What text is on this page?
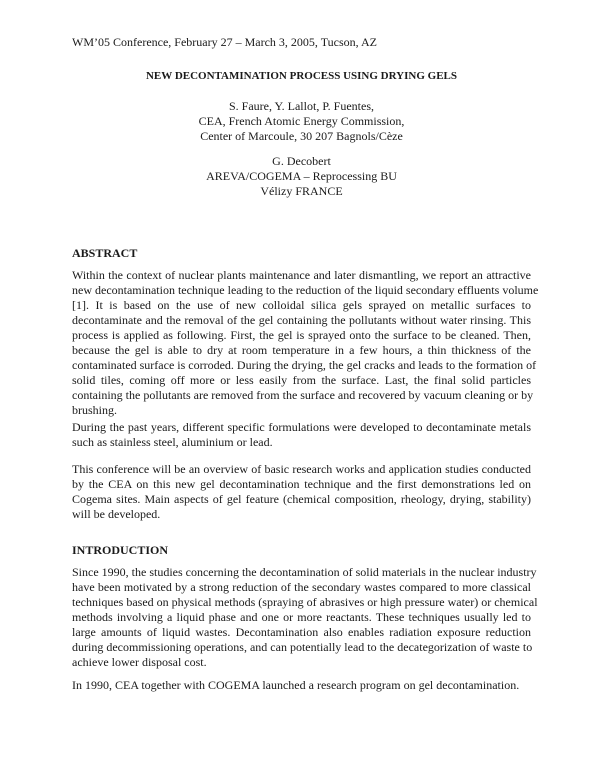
WM’05 Conference, February 27 – March 3, 2005, Tucson, AZ
NEW DECONTAMINATION PROCESS USING DRYING GELS
S. Faure, Y. Lallot, P. Fuentes,
CEA, French Atomic Energy Commission,
Center of Marcoule, 30 207 Bagnols/Cèze
G. Decobert
AREVA/COGEMA – Reprocessing BU
Vélizy FRANCE
ABSTRACT
Within the context of nuclear plants maintenance and later dismantling, we report an attractive
new decontamination technique leading to the reduction of the liquid secondary effluents volume
[1]. It is based on the use of new colloidal silica gels sprayed on metallic surfaces to
decontaminate and the removal of the gel containing the pollutants without water rinsing. This
process is applied as following. First, the gel is sprayed onto the surface to be cleaned. Then,
because the gel is able to dry at room temperature in a few hours, a thin thickness of the
contaminated surface is corroded. During the drying, the gel cracks and leads to the formation of
solid tiles, coming off more or less easily from the surface. Last, the final solid particles
containing the pollutants are removed from the surface and recovered by vacuum cleaning or by
brushing.
During the past years, different specific formulations were developed to decontaminate metals
such as stainless steel, aluminium or lead.
This conference will be an overview of basic research works and application studies conducted
by the CEA on this new gel decontamination technique and the first demonstrations led on
Cogema sites. Main aspects of gel feature (chemical composition, rheology, drying, stability)
will be developed.
INTRODUCTION
Since 1990, the studies concerning the decontamination of solid materials in the nuclear industry
have been motivated by a strong reduction of the secondary wastes compared to more classical
techniques based on physical methods (spraying of abrasives or high pressure water) or chemical
methods involving a liquid phase and one or more reactants. These techniques usually led to
large amounts of liquid wastes. Decontamination also enables radiation exposure reduction
during decommissioning operations, and can potentially lead to the decategorization of waste to
achieve lower disposal cost.
In 1990, CEA together with COGEMA launched a research program on gel decontamination.
